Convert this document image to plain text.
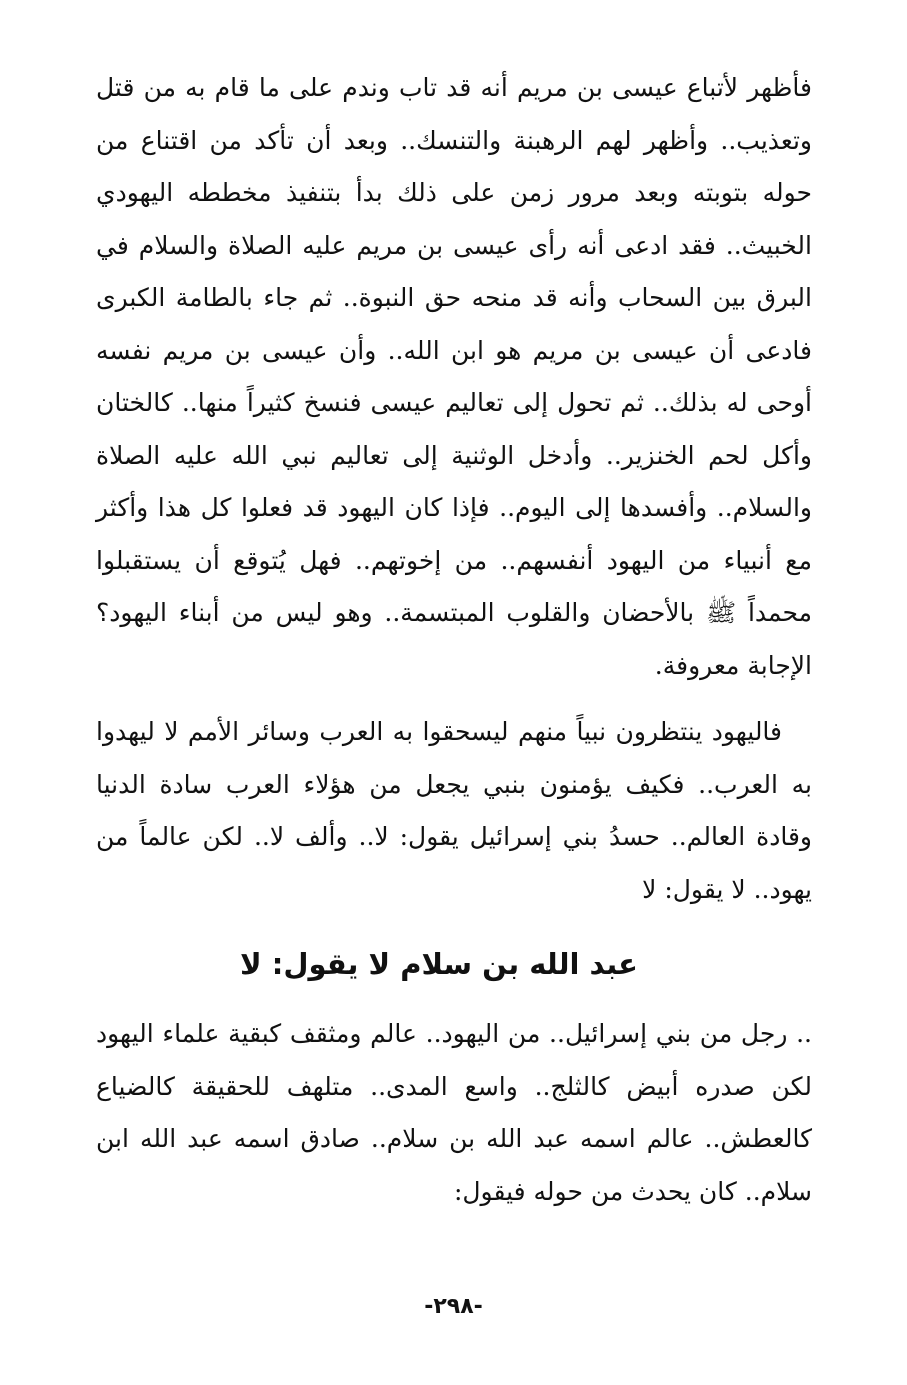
فأظهر لأتباع عيسى بن مريم أنه قد تاب وندم على ما قام به من قتل وتعذيب.. وأظهر لهم الرهبنة والتنسك.. وبعد أن تأكد من اقتناع من حوله بتوبته وبعد مرور زمن على ذلك بدأ بتنفيذ مخططه اليهودي الخبيث.. فقد ادعى أنه رأى عيسى بن مريم عليه الصلاة والسلام في البرق بين السحاب وأنه قد منحه حق النبوة.. ثم جاء بالطامة الكبرى فادعى أن عيسى بن مريم هو ابن الله.. وأن عيسى بن مريم نفسه أوحى له بذلك.. ثم تحول إلى تعاليم عيسى فنسخ كثيراً منها.. كالختان وأكل لحم الخنزير.. وأدخل الوثنية إلى تعاليم نبي الله عليه الصلاة والسلام.. وأفسدها إلى اليوم.. فإذا كان اليهود قد فعلوا كل هذا وأكثر مع أنبياء من اليهود أنفسهم.. من إخوتهم.. فهل يُتوقع أن يستقبلوا محمداً ﷺ بالأحضان والقلوب المبتسمة.. وهو ليس من أبناء اليهود؟ الإجابة معروفة.

فاليهود ينتظرون نبياً منهم ليسحقوا به العرب وسائر الأمم لا ليهدوا به العرب.. فكيف يؤمنون بنبي يجعل من هؤلاء العرب سادة الدنيا وقادة العالم.. حسدُ بني إسرائيل يقول: لا.. وألف لا.. لكن عالماً من يهود.. لا يقول: لا

عبد الله بن سلام لا يقول: لا

.. رجل من بني إسرائيل.. من اليهود.. عالم ومثقف كبقية علماء اليهود لكن صدره أبيض كالثلج.. واسع المدى.. متلهف للحقيقة كالضياع كالعطش.. عالم اسمه عبد الله بن سلام.. صادق اسمه عبد الله ابن سلام.. كان يحدث من حوله فيقول:

-٢٩٨-
